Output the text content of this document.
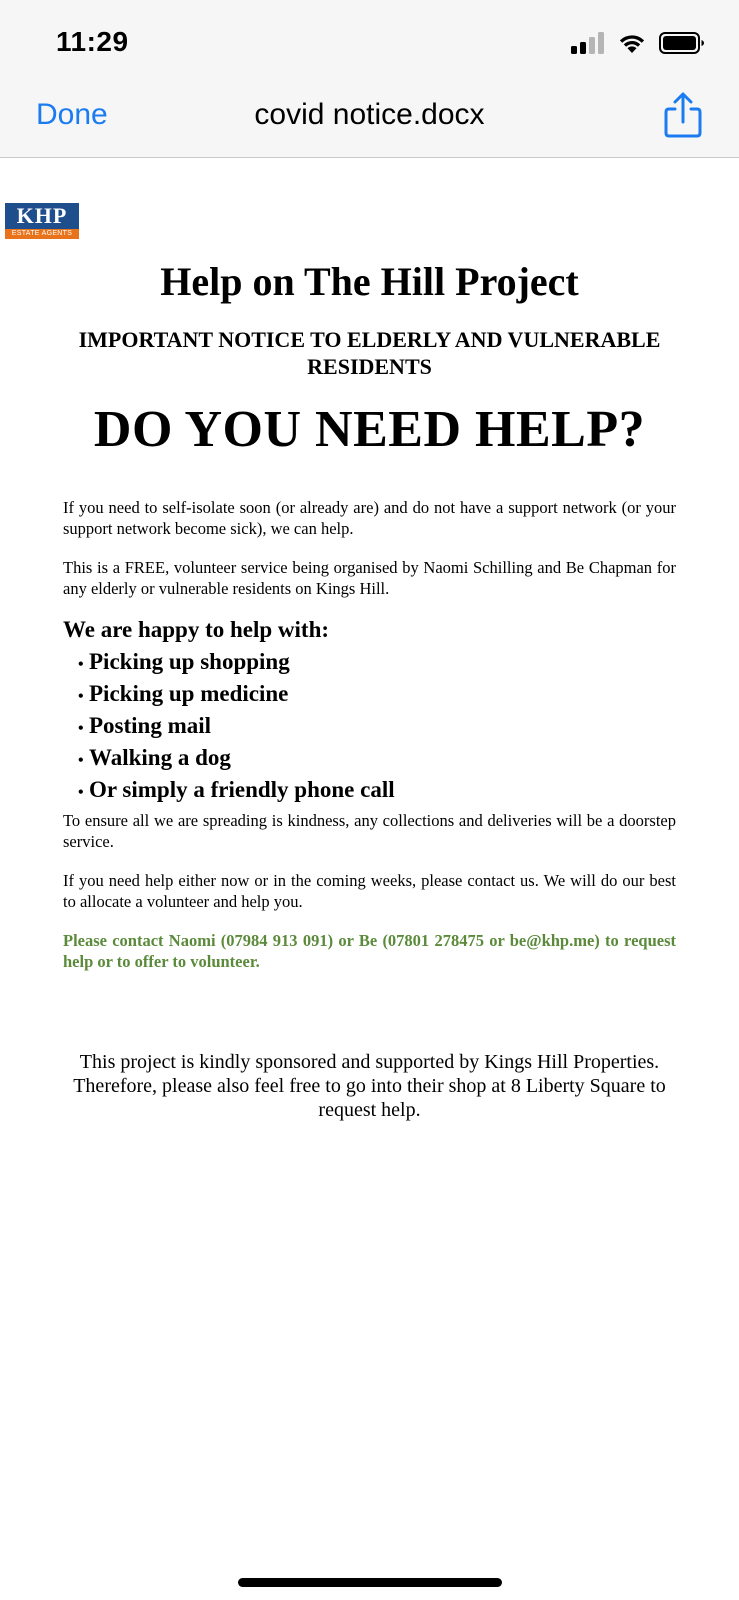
11:29
Done	covid notice.docx
KHP
ESTATE AGENTS
Help on The Hill Project

IMPORTANT NOTICE TO ELDERLY AND VULNERABLE RESIDENTS

DO YOU NEED HELP?

If you need to self-isolate soon (or already are) and do not have a support network (or your support network become sick), we can help.

This is a FREE, volunteer service being organised by Naomi Schilling and Be Chapman for any elderly or vulnerable residents on Kings Hill.

We are happy to help with:

• Picking up shopping
• Picking up medicine
• Posting mail
• Walking a dog
• Or simply a friendly phone call

To ensure all we are spreading is kindness, any collections and deliveries will be a doorstep service.

If you need help either now or in the coming weeks, please contact us. We will do our best to allocate a volunteer and help you.

Please contact Naomi (07984 913 091) or Be (07801 278475 or be@khp.me) to request help or to offer to volunteer.

This project is kindly sponsored and supported by Kings Hill Properties. Therefore, please also feel free to go into their shop at 8 Liberty Square to request help.
